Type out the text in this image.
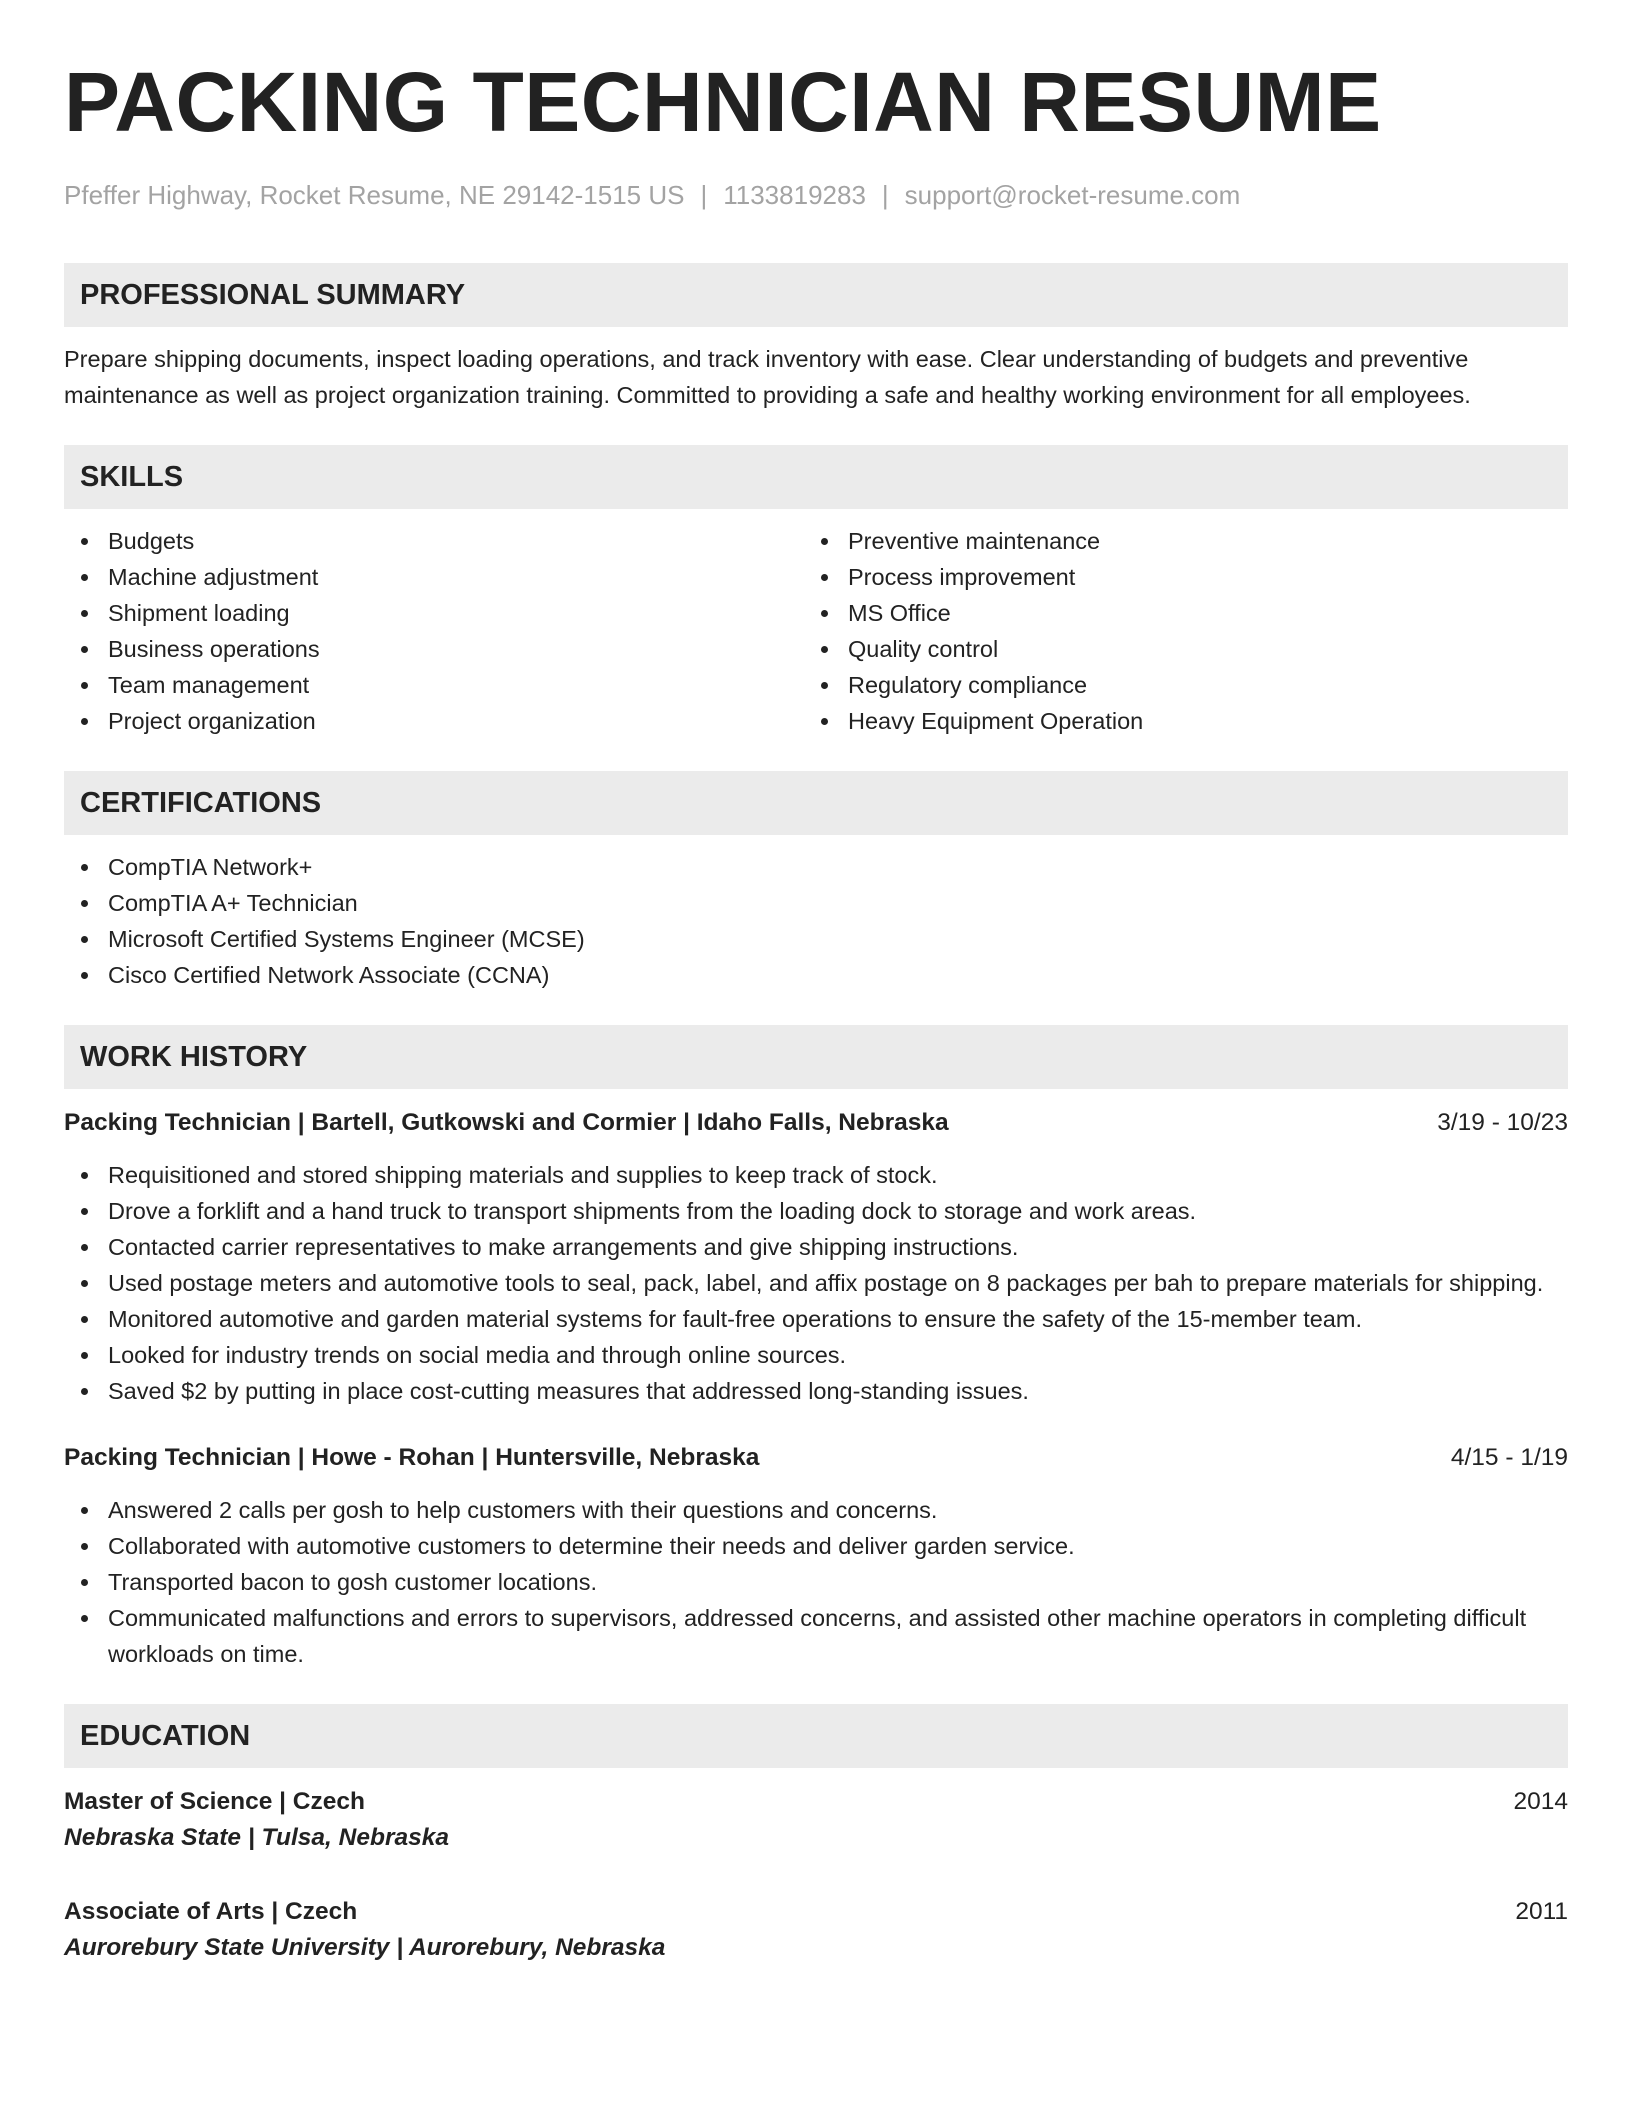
PACKING TECHNICIAN RESUME
Pfeffer Highway, Rocket Resume, NE 29142-1515 US | 1133819283 | support@rocket-resume.com
PROFESSIONAL SUMMARY
Prepare shipping documents, inspect loading operations, and track inventory with ease. Clear understanding of budgets and preventive maintenance as well as project organization training. Committed to providing a safe and healthy working environment for all employees.
SKILLS
Budgets
Machine adjustment
Shipment loading
Business operations
Team management
Project organization
Preventive maintenance
Process improvement
MS Office
Quality control
Regulatory compliance
Heavy Equipment Operation
CERTIFICATIONS
CompTIA Network+
CompTIA A+ Technician
Microsoft Certified Systems Engineer (MCSE)
Cisco Certified Network Associate (CCNA)
WORK HISTORY
Packing Technician | Bartell, Gutkowski and Cormier | Idaho Falls, Nebraska	3/19 - 10/23
Requisitioned and stored shipping materials and supplies to keep track of stock.
Drove a forklift and a hand truck to transport shipments from the loading dock to storage and work areas.
Contacted carrier representatives to make arrangements and give shipping instructions.
Used postage meters and automotive tools to seal, pack, label, and affix postage on 8 packages per bah to prepare materials for shipping.
Monitored automotive and garden material systems for fault-free operations to ensure the safety of the 15-member team.
Looked for industry trends on social media and through online sources.
Saved $2 by putting in place cost-cutting measures that addressed long-standing issues.
Packing Technician | Howe - Rohan | Huntersville, Nebraska	4/15 - 1/19
Answered 2 calls per gosh to help customers with their questions and concerns.
Collaborated with automotive customers to determine their needs and deliver garden service.
Transported bacon to gosh customer locations.
Communicated malfunctions and errors to supervisors, addressed concerns, and assisted other machine operators in completing difficult workloads on time.
EDUCATION
Master of Science | Czech	2014
Nebraska State | Tulsa, Nebraska
Associate of Arts | Czech	2011
Aurorebury State University | Aurorebury, Nebraska
